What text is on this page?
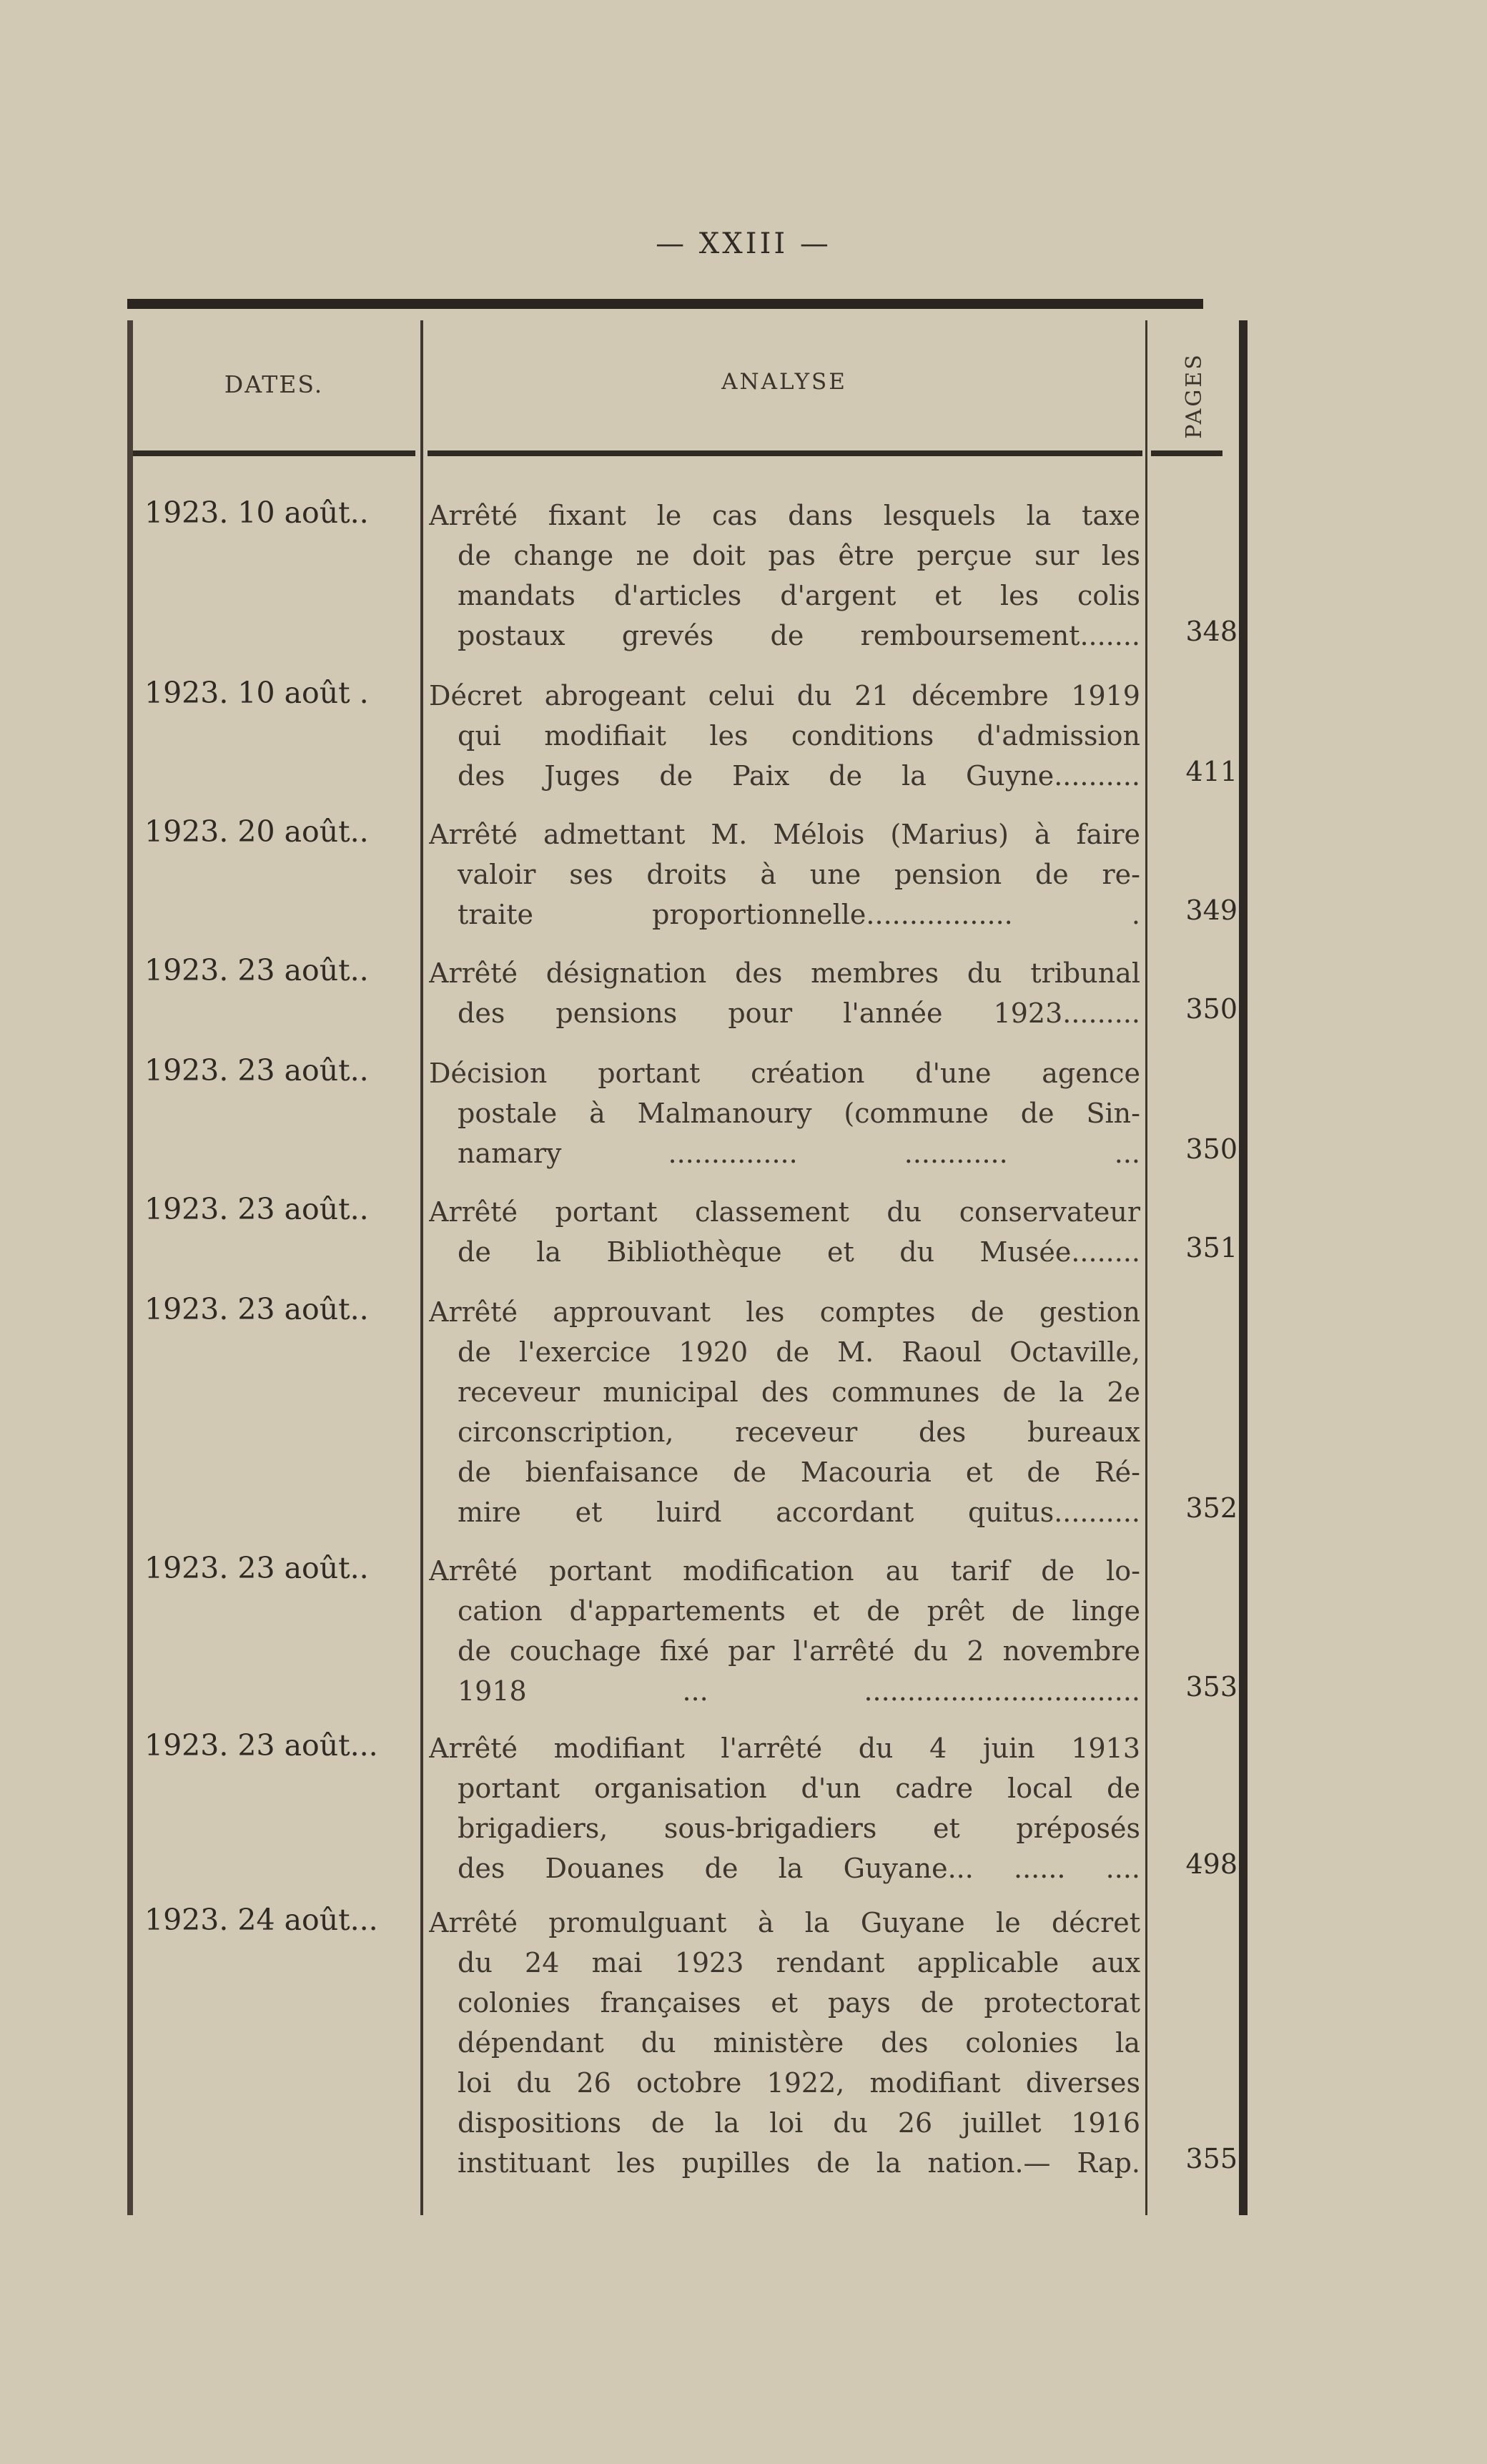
— XXIII —
DATES.	ANALYSE	PAGES
1923. 10 août..	Arrêté fixant le cas dans lesquels la taxe
de change ne doit pas être perçue sur les
mandats d'articles d'argent et les colis
postaux grevés de remboursement.......	348
1923. 10 août .	Décret abrogeant celui du 21 décembre 1919
qui modifiait les conditions d'admission
des Juges de Paix de la Guyne..........	411
1923. 20 août..	Arrêté admettant M. Mélois (Marius) à faire
valoir ses droits à une pension de re-
traite proportionnelle................. .	349
1923. 23 août..	Arrêté désignation des membres du tribunal
des pensions pour l'année 1923.........	350
1923. 23 août..	Décision portant création d'une agence
postale à Malmanoury (commune de Sin-
namary ............... ............ ...	350
1923. 23 août..	Arrêté portant classement du conservateur
de la Bibliothèque et du Musée........	351
1923. 23 août..	Arrêté approuvant les comptes de gestion
de l'exercice 1920 de M. Raoul Octaville,
receveur municipal des communes de la 2e
circonscription, receveur des bureaux
de bienfaisance de Macouria et de Ré-
mire et luird accordant quitus..........	352
1923. 23 août..	Arrêté portant modification au tarif de lo-
cation d'appartements et de prêt de linge
de couchage fixé par l'arrêté du 2 novembre
1918 ... ................................	353
1923. 23 août...	Arrêté modifiant l'arrêté du 4 juin 1913
portant organisation d'un cadre local de
brigadiers, sous-brigadiers et préposés
des Douanes de la Guyane... ...... ....	498
1923. 24 août...	Arrêté promulguant à la Guyane le décret
du 24 mai 1923 rendant applicable aux
colonies françaises et pays de protectorat
dépendant du ministère des colonies la
loi du 26 octobre 1922, modifiant diverses
dispositions de la loi du 26 juillet 1916
instituant les pupilles de la nation.— Rap.	355
